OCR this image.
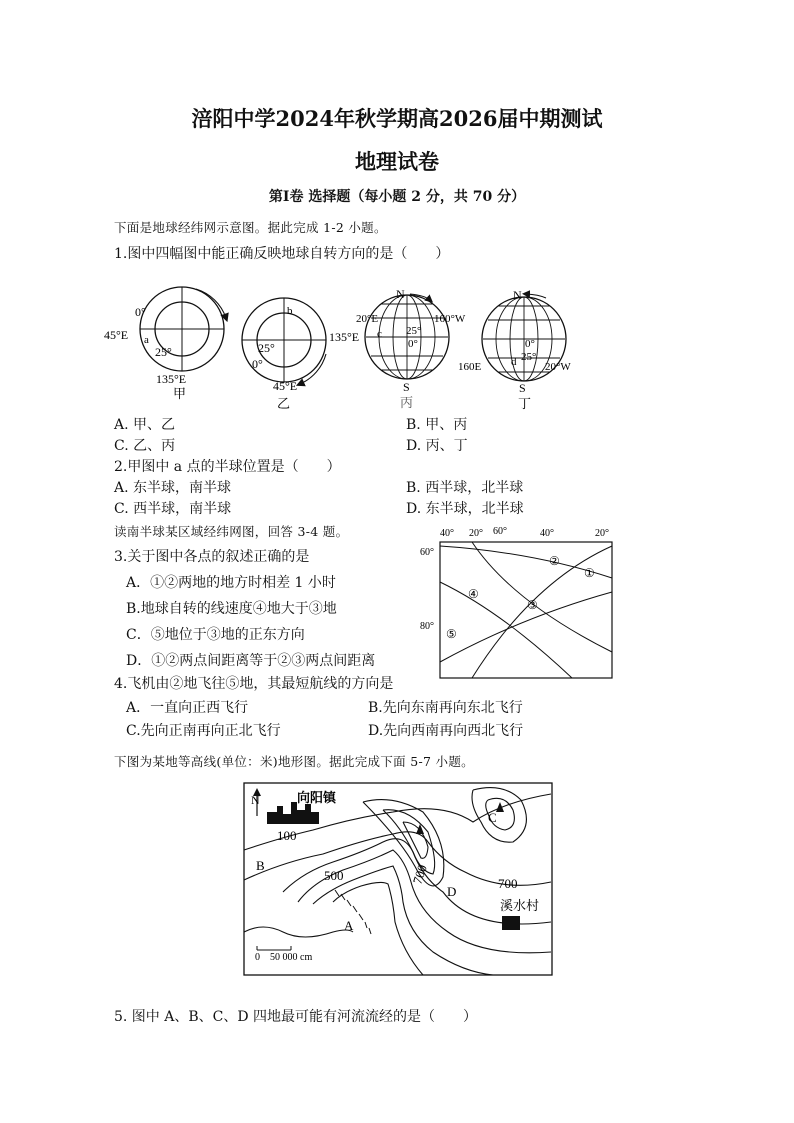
涪阳中学2024年秋学期高2026届中期测试
地理试卷
第Ⅰ卷 选择题（每小题 2 分，共 70 分）
下面是地球经纬网示意图。据此完成 1-2 小题。
1.图中四幅图中能正确反映地球自转方向的是（　　）
0°
45°E a
25°
135°E
甲
b
135°E
25°
0°
45°E
乙
N
20°E	160°W
c 25°
0°
S
丙
N
0°
d 25°
160E	20°W
S
丁
A. 甲、乙	B. 甲、丙
C. 乙、丙	D. 丙、丁
2.甲图中 a 点的半球位置是（　　）
A. 东半球，南半球	B. 西半球，北半球
C. 西半球，南半球	D. 东半球，北半球
读南半球某区域经纬网图，回答 3-4 题。	40° 20° 60°	40°	20°
60°
80°
①
②
③
④
⑤
3.关于图中各点的叙述正确的是
A．①②两地的地方时相差 1 小时
B.地球自转的线速度④地大于③地
C．⑤地位于③地的正东方向
D．①②两点间距离等于②③两点间距离
4.飞机由②地飞往⑤地，其最短航线的方向是
A．一直向正西飞行	B.先向东南再向东北飞行
C.先向正南再向正北飞行	D.先向西南再向西北飞行
下图为某地等高线(单位：米)地形图。据此完成下面 5-7 小题。
N	向阳镇
100
500	700	700
B
C
D
A
溪水村
0　50 000 cm
5. 图中 A、B、C、D 四地最可能有河流流经的是（　　）
